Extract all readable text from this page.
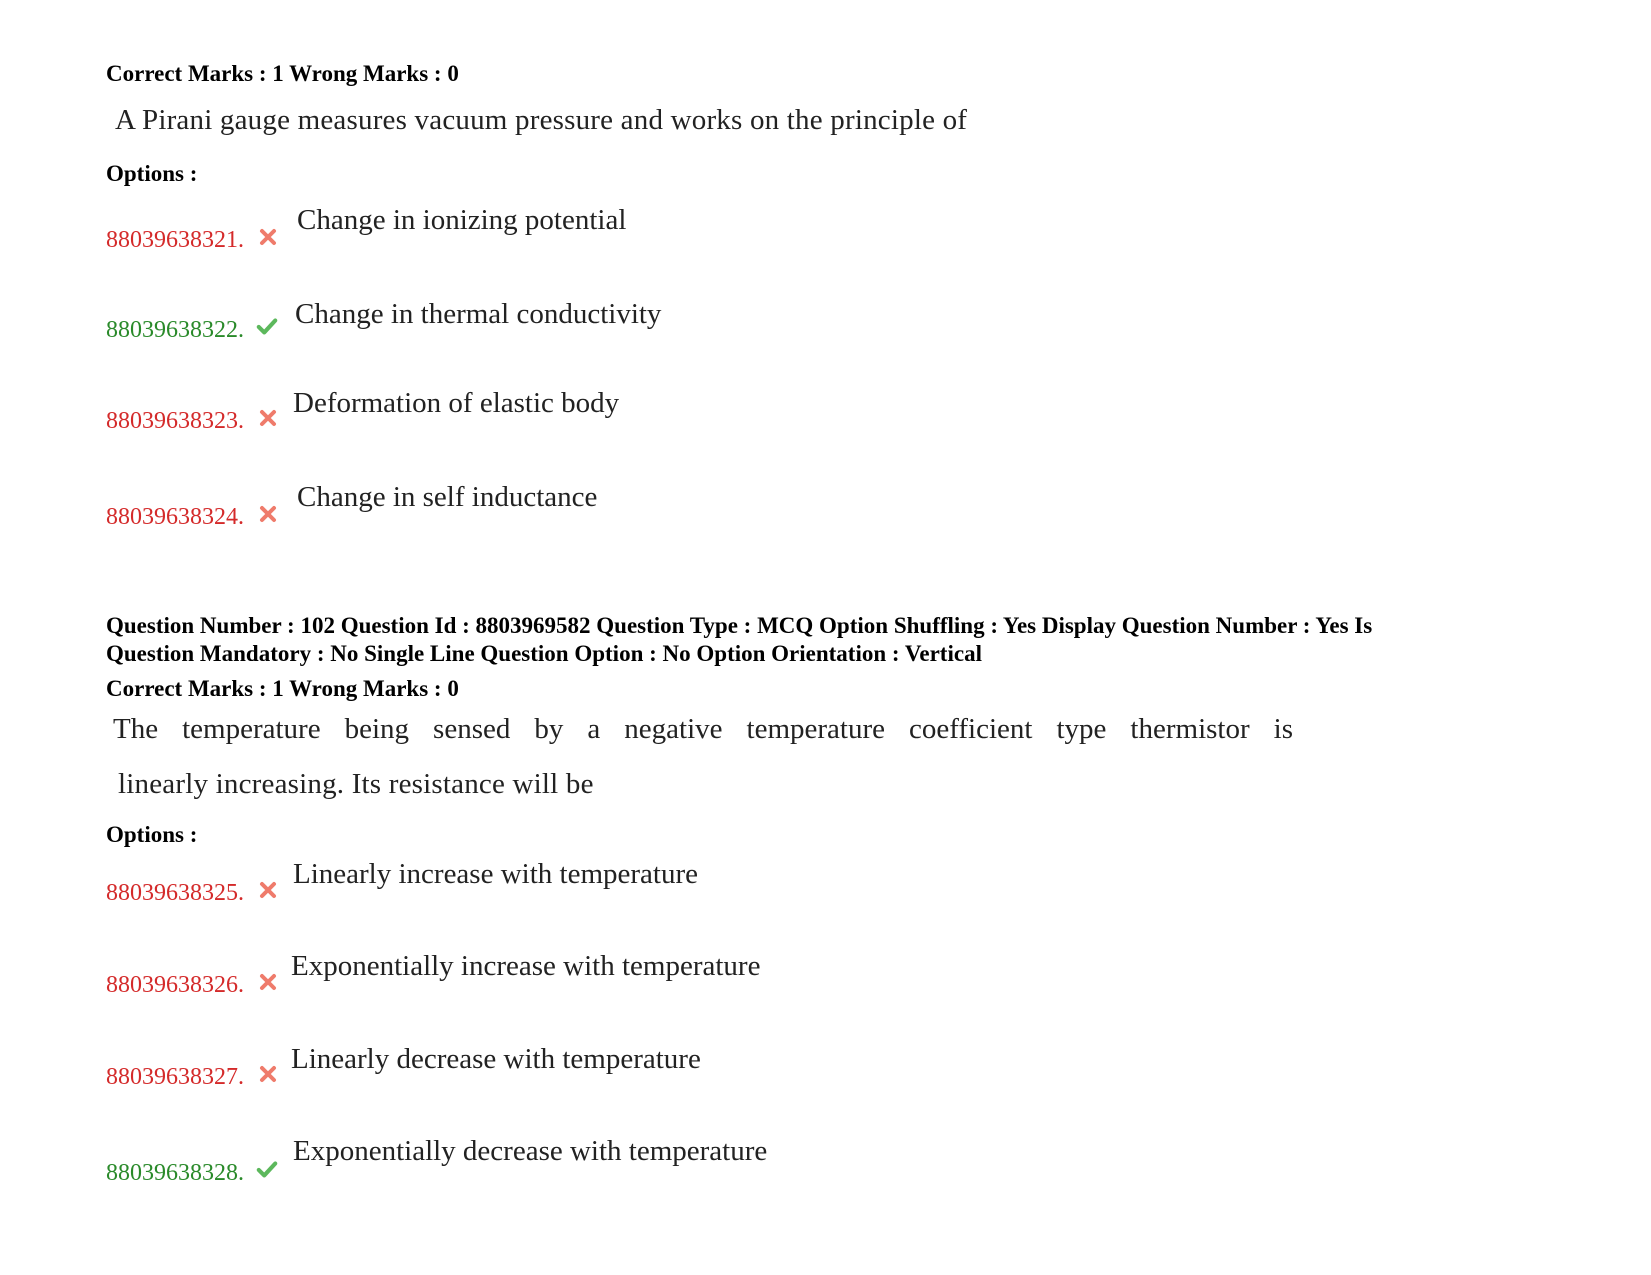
Correct Marks : 1 Wrong Marks : 0
A Pirani gauge measures vacuum pressure and works on the principle of
Options :
88039638321.
Change in ionizing potential
88039638322. Change in thermal conductivity
88039638323.
Deformation of elastic body
88039638324.
Change in self inductance
Question Number : 102 Question Id : 8803969582 Question Type : MCQ Option Shuffling : Yes Display Question Number : Yes Is
Question Mandatory : No Single Line Question Option : No Option Orientation : Vertical
Correct Marks : 1 Wrong Marks : 0
The temperature being sensed by a negative temperature coefficient type thermistor is
linearly increasing. Its resistance will be
Options :
88039638325.
Linearly increase with temperature
88039638326.
Exponentially increase with temperature
88039638327.
Linearly decrease with temperature
88039638328.
Exponentially decrease with temperature
